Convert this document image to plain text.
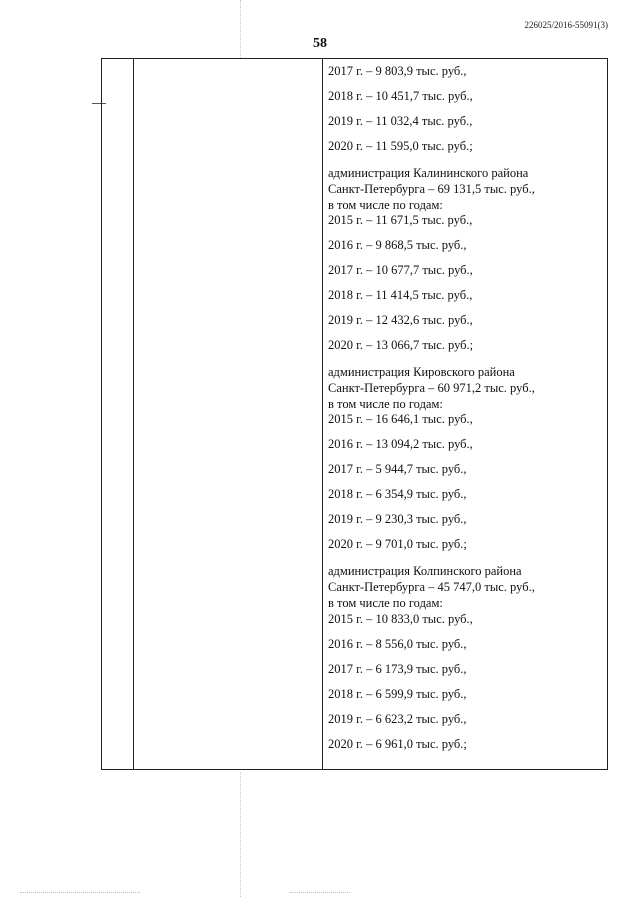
226025/2016-55091(3)
58
2017 г. – 9 803,9 тыс. руб.,
2018 г. – 10 451,7 тыс. руб.,
2019 г. – 11 032,4 тыс. руб.,
2020 г. – 11 595,0 тыс. руб.;
администрация Калининского района
Санкт-Петербурга – 69 131,5 тыс. руб.,
в том числе по годам:
2015 г. – 11 671,5 тыс. руб.,
2016 г. – 9 868,5 тыс. руб.,
2017 г. – 10 677,7 тыс. руб.,
2018 г. – 11 414,5 тыс. руб.,
2019 г. – 12 432,6 тыс. руб.,
2020 г. – 13 066,7 тыс. руб.;
администрация Кировского района
Санкт-Петербурга – 60 971,2 тыс. руб.,
в том числе по годам:
2015 г. – 16 646,1 тыс. руб.,
2016 г. – 13 094,2 тыс. руб.,
2017 г. – 5 944,7 тыс. руб.,
2018 г. – 6 354,9 тыс. руб.,
2019 г. – 9 230,3 тыс. руб.,
2020 г. – 9 701,0 тыс. руб.;
администрация Колпинского района
Санкт-Петербурга – 45 747,0 тыс. руб.,
в том числе по годам:
2015 г. – 10 833,0 тыс. руб.,
2016 г. – 8 556,0 тыс. руб.,
2017 г. – 6 173,9 тыс. руб.,
2018 г. – 6 599,9 тыс. руб.,
2019 г. – 6 623,2 тыс. руб.,
2020 г. – 6 961,0 тыс. руб.;
